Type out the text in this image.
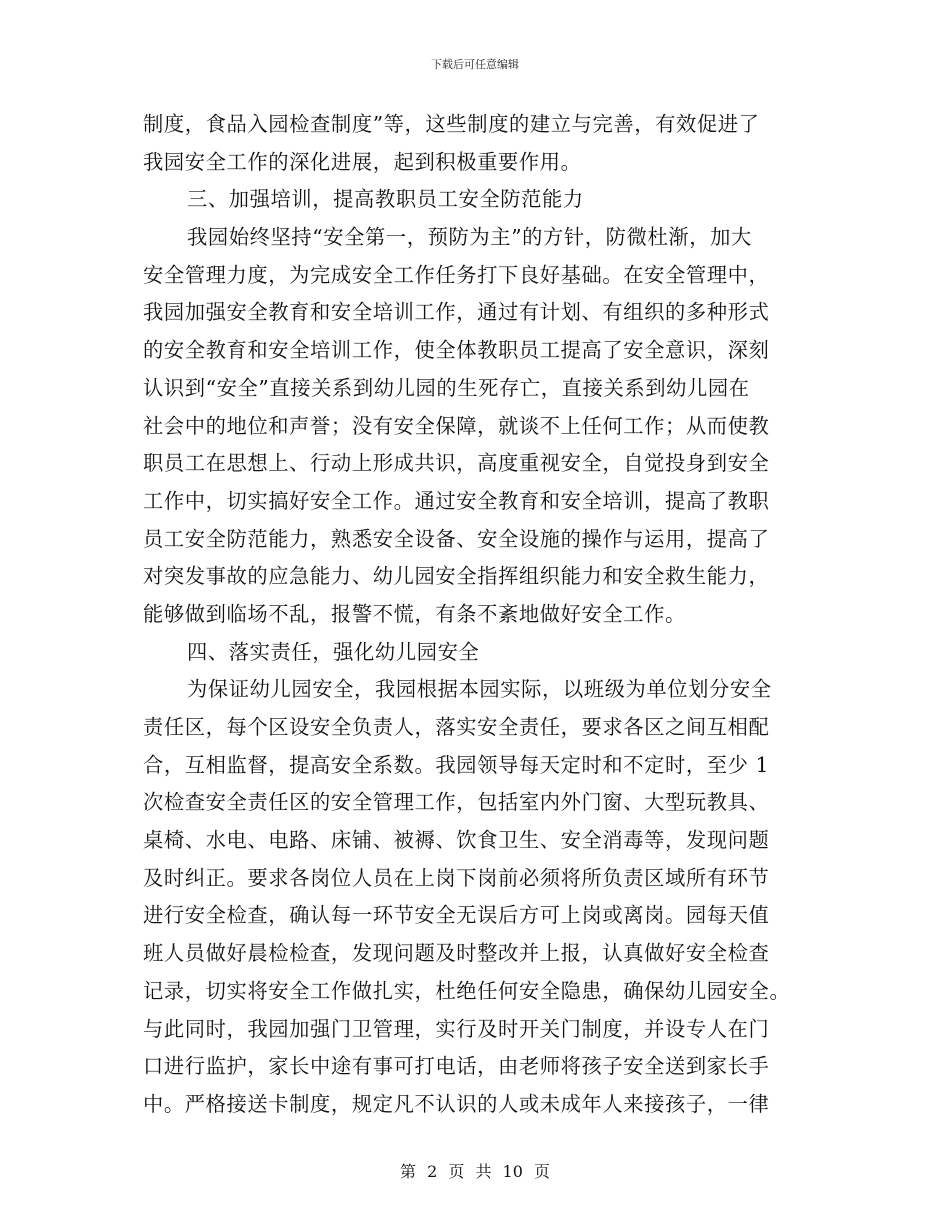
下载后可任意编辑
制度，食品入园检查制度”等，这些制度的建立与完善，有效促进了
我园安全工作的深化进展，起到积极重要作用。
三、加强培训，提高教职员工安全防范能力
我园始终坚持“安全第一，预防为主”的方针，防微杜渐，加大
安全管理力度，为完成安全工作任务打下良好基础。在安全管理中，
我园加强安全教育和安全培训工作，通过有计划、有组织的多种形式
的安全教育和安全培训工作，使全体教职员工提高了安全意识，深刻
认识到“安全”直接关系到幼儿园的生死存亡，直接关系到幼儿园在
社会中的地位和声誉；没有安全保障，就谈不上任何工作；从而使教
职员工在思想上、行动上形成共识，高度重视安全，自觉投身到安全
工作中，切实搞好安全工作。通过安全教育和安全培训，提高了教职
员工安全防范能力，熟悉安全设备、安全设施的操作与运用，提高了
对突发事故的应急能力、幼儿园安全指挥组织能力和安全救生能力，
能够做到临场不乱，报警不慌，有条不紊地做好安全工作。
四、落实责任，强化幼儿园安全
为保证幼儿园安全，我园根据本园实际，以班级为单位划分安全
责任区，每个区设安全负责人，落实安全责任，要求各区之间互相配
合，互相监督，提高安全系数。我园领导每天定时和不定时，至少 1
次检查安全责任区的安全管理工作，包括室内外门窗、大型玩教具、
桌椅、水电、电路、床铺、被褥、饮食卫生、安全消毒等，发现问题
及时纠正。要求各岗位人员在上岗下岗前必须将所负责区域所有环节
进行安全检查，确认每一环节安全无误后方可上岗或离岗。园每天值
班人员做好晨检检查，发现问题及时整改并上报，认真做好安全检查
记录，切实将安全工作做扎实，杜绝任何安全隐患，确保幼儿园安全。
与此同时，我园加强门卫管理，实行及时开关门制度，并设专人在门
口进行监护，家长中途有事可打电话，由老师将孩子安全送到家长手
中。严格接送卡制度，规定凡不认识的人或未成年人来接孩子，一律
第 2 页 共 10 页
